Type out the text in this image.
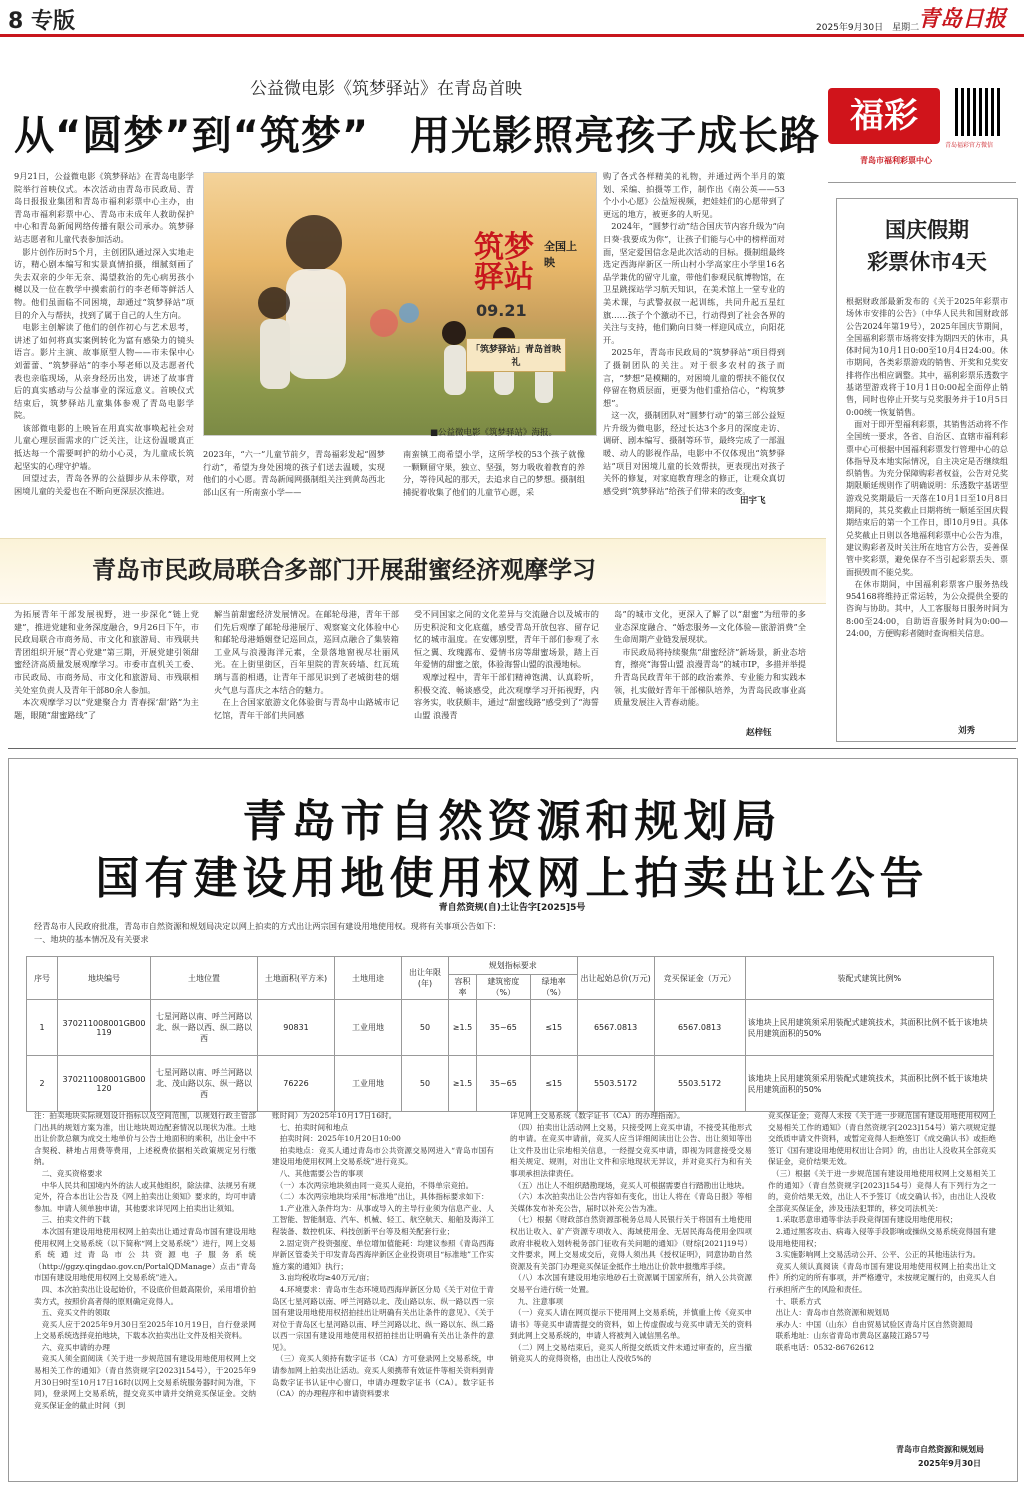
8 专版	2025年9月30日　星期二
青岛日报
公益微电影《筑梦驿站》在青岛首映
从“圆梦”到“筑梦”　用光影照亮孩子成长路
9月21日，公益微电影《筑梦驿站》在青岛电影学院举行首映仪式。本次活动由青岛市民政局、青岛日报报业集团和青岛市福利彩票中心主办，由青岛市福利彩票中心、青岛市未成年人救助保护中心和青岛新闻网络传播有限公司承办。筑梦驿站志愿者和儿童代表参加活动。
　影片创作历时5个月，主创团队通过深入实地走访，精心剧本编写和实景真情拍摄，细腻刻画了失去双亲的少年无奈、渴望救治的先心病男孩小樾以及一位在教学中摸索前行的李老师等鲜活人物。他们虽面临不同困境，却通过“筑梦驿站”项目的介入与帮扶，找到了属于自己的人生方向。
　电影主创解读了他们的创作初心与艺术思考，讲述了如何将真实案例转化为富有感染力的镜头语言。影片主演、故事原型人物——市未保中心刘蕾蕾、“筑梦驿站”的李小琴老师以及志愿者代表也亲临现场，从亲身经历出发，讲述了故事背后的真实感动与公益事业的深远意义。首映仪式结束后，筑梦驿站儿童集体参观了青岛电影学院。
　该部微电影的上映旨在用真实故事唤起社会对儿童心理层面需求的广泛关注，让这份温暖真正抵达每一个需要呵护的幼小心灵，为儿童成长筑起坚实的心理守护墙。
　回望过去，青岛各界的公益脚步从未停歇，对困境儿童的关爱也在不断向更深层次推进。
筑梦驿站
全国上映
09.21
「筑梦驿站」青岛首映礼
■公益微电影《筑梦驿站》海报。
2023年，“六一”儿童节前夕，青岛福彩发起“圆梦行动”，希望为身处困境的孩子们送去温暖，实现他们的小心愿。青岛新闻网摄制组关注到黄岛西北部山区有一所南蛮小学——
南蛮镇工商希望小学，这所学校的53个孩子就像一颗颗留守果，独立、坚强，努力吸收着教育的养分，等待风起的那天，去追求自己的梦想。摄制组捕捉着收集了他们的儿童节心愿，采
购了各式各样精美的礼物，并通过两个半月的策划、采编、拍摄等工作，制作出《南公英——53个小小心愿》公益短视频，把娃娃们的心愿带到了更远的地方，被更多的人听见。
　2024年，“圆梦行动”结合国庆节内容升级为“向日葵·我要成为你”，让孩子们能与心中的榜样面对面，坚定爱国信念是此次活动的目标。摄制组最终选定西海岸新区一所山村小学高家庄小学里16名品学兼优的留守儿童，带他们参观民航博物馆，在卫星跳探站学习航天知识，在美术馆上一堂专业的美术课，与武警叔叔一起训练，共同升起五星红旗……孩子个个激动不已，行动得到了社会各界的关注与支持，他们勤向日葵一样迎风成立，向阳花开。
　2025年，青岛市民政局的“筑梦驿站”项目得到了摄制团队的关注。对于很多农村的孩子而言，“梦想”是模糊的，对困境儿童的帮扶不能仅仅停留在物质层面，更要为他们重拾信心，“构筑梦想”。
　这一次，摄制团队对“圆梦行动”的第三部公益短片升级为微电影，经过长达3个多月的深度走访、调研、剧本编写、摄制等环节，最终完成了一部温暖、动人的影视作品，电影中不仅体现出“筑梦驿站”项目对困境儿童的长效帮扶，更表现出对孩子关怀的修复，对家庭教育理念的修正，让观众真切感受到“筑梦驿站”给孩子们带来的改变。
田宇飞
福彩
青岛福彩官方微信
青岛市福利彩票中心
国庆假期
彩票休市4天
根据财政部最新发布的《关于2025年彩票市场休市安排的公告》（中华人民共和国财政部公告2024年第19号），2025年国庆节期间，全国福利彩票市场将安排为期四天的休市，具体时间为10月1日0:00至10月4日24:00。休市期间，各类彩票游戏的销售、开奖和兑奖安排将作出相应调整。其中，福利彩票乐透数字基诺型游戏将于10月1日0:00起全面停止销售，同时也停止开奖与兑奖服务并于10月5日0:00统一恢复销售。
　面对于即开型福利彩票，其销售活动将不作全国统一要求，各省、自治区、直辖市福利彩票中心可根据中国福利彩票发行管理中心的总体指导及本地实际情况，自主决定是否继续组织销售。为充分保障购彩者权益，公告对兑奖期限顺延规则作了明确说明：乐透数字基诺型游戏兑奖期最后一天落在10月1日至10月8日期间的，其兑奖截止日期将统一顺延至国庆假期结束后的第一个工作日，即10月9日。具体兑奖截止日则以各地福利彩票中心公告为准，建议购彩者及时关注所在地官方公告，妥善保管中奖彩票，避免保存不当引起彩票丢失、票面损毁而不能兑奖。
　在休市期间，中国福利彩票客户服务热线954168将维持正常运转，为公众提供全要的咨询与协助。其中，人工客服每日服务时间为8:00至24:00，自助语音服务时间为0:00—24:00，方便购彩者随时查询相关信息。
刘秀
青岛市民政局联合多部门开展甜蜜经济观摩学习
为拓展青年干部发展视野，进一步深化“链上党建”，推进党建和业务深度融合，9月26日下午，市民政局联合市商务局、市文化和旅游局、市残联共青团组织开展“青心党建”第三期，开展党建引领甜蜜经济高质量发展观摩学习。市委市直机关工委、市民政局、市商务局、市文化和旅游局、市残联相关处室负责人及青年干部80余人参加。
　本次观摩学习以“党建聚合力 青春探‘甜’路”为主题，眼随“甜蜜路线”了
解当前甜蜜经济发展情况。在邮轮母港，青年干部们先后观摩了邮轮母港展厅、观察宴文化体验中心和邮轮母港婚姻登记巡回点，巡回点融合了集装箱工业风与浪漫海洋元素，全景落地窗视尽壮丽风光。在上街里街区，百年里院的青灰砖墙、红瓦琉璃与喜韵相遇，让青年干部见识到了老城街巷的烟火气息与喜庆之本结合的魅力。
　在上合国家旅游文化体验街与青岛中山路城市记忆馆，青年干部们共同感
受不同国家之间的文化差异与交流融合以及城市的历史积淀和文化底蕴，感受青岛开放包容、留存记忆的城市温度。在安娜别墅，青年干部们参观了永恒之翼、玫瑰露布、爱情书房等甜蜜场景，踏上百年爱情的甜蜜之旅，体验海誓山盟的浪漫地标。
　观摩过程中，青年干部们精神饱满、认真聆听，积极交流、畅谈感受，此次观摩学习开拓视野，内容务实，收获颇丰，通过“甜蜜线路”感受到了“海誓山盟 浪漫青
岛”的城市文化，更深入了解了以“甜蜜”为纽带的多业态深度融合、“婚恋服务—文化体验—旅游消费”全生命周期产业链发展现状。
　市民政局将持续聚焦“甜蜜经济”新场景，新业态培育，擦亮“海誓山盟 浪漫青岛”的城市IP，多措并举提升青岛民政青年干部的政治素养、专业能力和实践本领，扎实做好青年干部梯队培养，为青岛民政事业高质量发展注入青春动能。
赵梓钰
青岛市自然资源和规划局
国有建设用地使用权网上拍卖出让公告
青自然资规(自)土让告字[2025]5号
经青岛市人民政府批准，青岛市自然资源和规划局决定以网上拍卖的方式出让两宗国有建设用地使用权。现将有关事项公告如下：
一、地块的基本情况及有关要求
序号	地块编号	土地位置	土地面积(平方米)	土地用途	出让年限(年)	规划指标要求			出让起始总价(万元)	竞买保证金（万元）	装配式建筑比例%
						容积率	建筑密度（%）	绿地率（%）			
1	370211008001GB00119	七星河路以南、呼兰河路以北、纵一路以西、纵二路以西	90831	工业用地	50	≥1.5	35~65	≤15	6567.0813	6567.0813	该地块上民用建筑须采用装配式建筑技术，其面积比例不低于该地块民用建筑面积的50%
2	370211008001GB00120	七星河路以南、呼兰河路以北、茂山路以东、纵一路以西	76226	工业用地	50	≥1.5	35~65	≤15	5503.5172	5503.5172	该地块上民用建筑须采用装配式建筑技术，其面积比例不低于该地块民用建筑面积的50%
注：拍卖地块实际规划设计指标以及空间范围，以规划行政主管部门出具的规划方案为准，出让地块周边配套情况以现状为准。土地出让价款总额为成交土地单价与公告土地面积的乘积，出让金中不含契税、耕地占用费等费用，上述税费依据相关政策规定另行缴纳。
　二、竞买资格要求
　中华人民共和国境内外的法人或其他组织，除法律、法规另有规定外，符合本出让公告及《网上拍卖出让须知》要求的，均可申请参加。申请人须单独申请，其他要求详见网上拍卖出让须知。
　三、拍卖文件的下载
　本次国有建设用地使用权网上拍卖出让通过青岛市国有建设用地使用权网上交易系统（以下简称“网上交易系统”）进行，网上交易系统通过青岛市公共资源电子服务系统（http://ggzy.qingdao.gov.cn/PortalQDManage）点击“青岛市国有建设用地使用权网上交易系统”进入。
　四、本次拍卖出让设起始价，不设底价但最高限价，采用增价拍卖方式，按照价高者得的原则确定竞得人。
　五、竞买文件的领取
　竞买人应于2025年9月30日至2025年10月19日，自行登录网上交易系统选择竞拍地块，下载本次拍卖出让文件及相关资料。
　六、竞买申请的办理
　竞买人须全面阅读《关于进一步规范国有建设用地使用权网上交易相关工作的通知》（青自然资规字[2023]154号），于2025年9月30日9时至10月17日16时(以网上交易系统服务器时间为准，下同)，登录网上交易系统，提交竞买申请并交纳竞买保证金。交纳竞买保证金的截止时间（到
账时间）为2025年10月17日16时。
　七、拍卖时间和地点
　拍卖时间：2025年10月20日10:00
　拍卖地点：竞买人通过青岛市公共资源交易网进入“青岛市国有建设用地使用权网上交易系统”进行竞买。
　八、其他需要公告的事项
　（一）本次两宗地块须由同一竞买人竞拍，不得单宗竞拍。
　（二）本次两宗地块均采用“标准地”出让，具体指标要求如下：
　1.产业准入条件均为：从事或导入的主导行业须为信息产业、人工智能、智能制造、汽车、机械、轻工、航空航天、船舶及海洋工程装备、数控机床、科技创新平台等及相关配套行业；
　2.固定资产投资强度、单位增加值能耗：均建议参照《青岛西海岸新区管委关于印发青岛西海岸新区企业投资项目“标准地”工作实施方案的通知》执行；
　3.亩均税收均≥40万元/亩；
　4.环境要求：青岛市生态环境局西海岸新区分局《关于对位于青岛区七星河路以南、呼兰河路以北、茂山路以东、纵一路以西一宗国有建设用地使用权招拍挂出让明确有关出让条件的意见》、《关于对位于青岛区七星河路以南、呼兰河路以北、纵一路以东、纵二路以西一宗国有建设用地使用权招拍挂出让明确有关出让条件的意见》。
　（三）竞买人须持有数字证书（CA）方可登录网上交易系统，申请参加网上拍卖出让活动。竞买人须携带有效证件等相关资料到青岛数字证书认证中心窗口，申请办理数字证书（CA）。数字证书（CA）的办理程序和申请资料要求
详见网上交易系统《数字证书（CA）的办理指南》。
　（四）拍卖出让活动网上交易，只接受网上竞买申请，不接受其他形式的申请。在竞买申请前，竞买人应当详细阅读出让公告、出让须知等出让文件及出让宗地相关信息，一经提交竞买申请，即视为同意接受交易相关规定、规则，对出让文件和宗地现状无异议，并对竞买行为和有关事项承担法律责任。
　（五）出让人不组织踏勘现场，竞买人可根据需要自行踏勘出让地块。
　（六）本次拍卖出让公告内容如有变化，出让人将在《青岛日报》等相关媒体发布补充公告，届时以补充公告为准。
　（七）根据《财政部自然资源部税务总局人民银行关于将国有土地使用权出让收入、矿产资源专项收入、海域使用金、无居民海岛使用金四项政府非税收入划转税务部门征收有关问题的通知》（财综[2021]19号）文件要求，网上交易成交后，竞得人须出具《授权证明》，同意协助自然资源及有关部门办理竞买保证金抵作土地出让价款申报缴库手续。
　（八）本次国有建设用地宗地砂石土资源属于国家所有，纳入公共资源交易平台进行统一处置。
　九、注意事项
　（一）竞买人请在网页提示下使用网上交易系统，并慎重上传《竞买申请书》等竞买申请需提交的资料，如上传虚假或与竞买申请无关的资料到此网上交易系统的，申请人将被判入诚信黑名单。
　（二）网上交易结束后，竞买人所提交纸质文件未通过审查的，应当撤销竞买人的竞得资格，由出让人没收5%的
竞买保证金；竞得人未按《关于进一步规范国有建设用地使用权网上交易相关工作的通知》（青自然资规字[2023]154号）第六项规定提交纸质申请文件资料，或暂定竞得人拒绝签订《成交确认书》或拒绝签订《国有建设用地使用权出让合同》的，由出让人没收其全部竞买保证金，竞价结果无效。
　（三）根据《关于进一步规范国有建设用地使用权网上交易相关工作的通知》（青自然资规字[2023]154号）竞得人有下列行为之一的，竞价结果无效，出让人不予签订《成交确认书》，由出让人没收全部竞买保证金，涉及违法犯罪的，移交司法机关：
　1.采取恶意串通等非法手段竞得国有建设用地使用权；
　2.通过黑客攻击、病毒入侵等手段影响或操纵交易系统竞得国有建设用地使用权；
　3.实施影响网上交易活动公开、公平、公正的其他违法行为。
　竞买人须认真阅读《青岛市国有建设用地使用权网上拍卖出让文件》所约定的所有事项，并严格遵守，未按规定履行的，由竞买人自行承担所产生的风险和责任。
　十、联系方式
　出让人：青岛市自然资源和规划局
　承办人：中国（山东）自由贸易试验区青岛片区自然资源局
　联系地址：山东省青岛市黄岛区嘉陵江路57号
　联系电话：0532-86762612
青岛市自然资源和规划局
2025年9月30日
